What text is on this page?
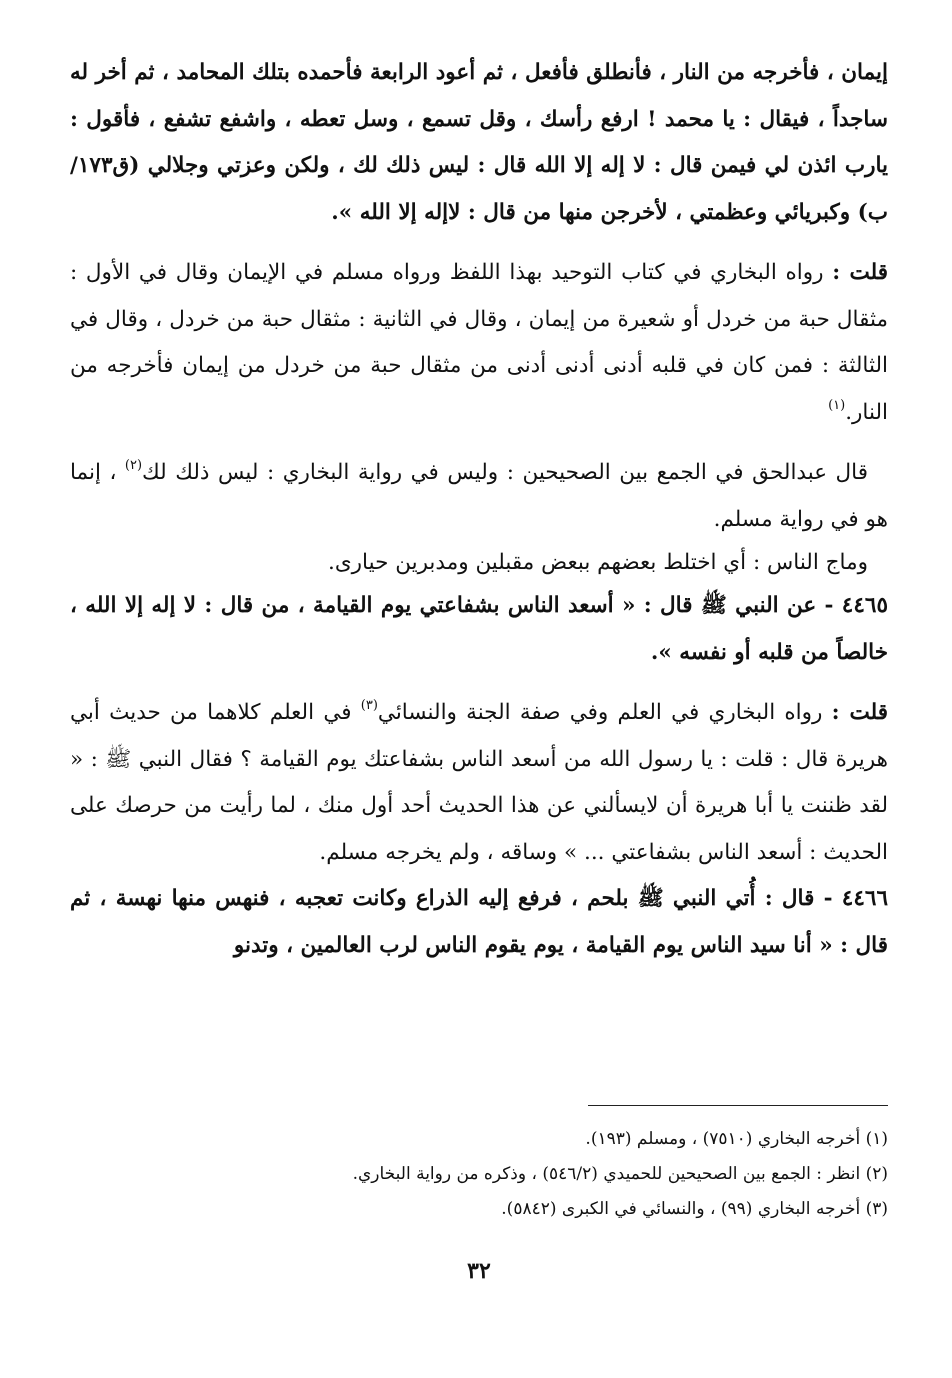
إيمان ، فأخرجه من النار ، فأنطلق فأفعل ، ثم أعود الرابعة فأحمده بتلك المحامد ، ثم أخر له ساجداً ، فيقال : يا محمد ! ارفع رأسك ، وقل تسمع ، وسل تعطه ، واشفع تشفع ، فأقول : يارب ائذن لي فيمن قال : لا إله إلا الله قال : ليس ذلك لك ، ولكن وعزتي وجلالي (ق١٧٣/ب) وكبريائي وعظمتي ، لأخرجن منها من قال : لاإله إلا الله ».

قلت : رواه البخاري في كتاب التوحيد بهذا اللفظ ورواه مسلم في الإيمان وقال في الأول : مثقال حبة من خردل أو شعيرة من إيمان ، وقال في الثانية : مثقال حبة من خردل ، وقال في الثالثة : فمن كان في قلبه أدنى أدنى أدنى من مثقال حبة من خردل من إيمان فأخرجه من النار.$^{(١)}$

قال عبدالحق في الجمع بين الصحيحين : وليس في رواية البخاري : ليس ذلك لك$^{(٢)}$ ، إنما هو في رواية مسلم.

وماج الناس : أي اختلط بعضهم ببعض مقبلين ومدبرين حيارى.

٤٤٦٥ - عن النبي ﷺ قال : « أسعد الناس بشفاعتي يوم القيامة ، من قال : لا إله إلا الله ، خالصاً من قلبه أو نفسه ».

قلت : رواه البخاري في العلم وفي صفة الجنة والنسائي$^{(٣)}$ في العلم كلاهما من حديث أبي هريرة قال : قلت : يا رسول الله من أسعد الناس بشفاعتك يوم القيامة ؟ فقال النبي ﷺ : « لقد ظننت يا أبا هريرة أن لايسألني عن هذا الحديث أحد أول منك ، لما رأيت من حرصك على الحديث : أسعد الناس بشفاعتي ... » وساقه ، ولم يخرجه مسلم.

٤٤٦٦ - قال : أُتي النبي ﷺ بلحم ، فرفع إليه الذراع وكانت تعجبه ، فنهس منها نهسة ، ثم قال : « أنا سيد الناس يوم القيامة ، يوم يقوم الناس لرب العالمين ، وتدنو

(١) أخرجه البخاري (٧٥١٠) ، ومسلم (١٩٣).

(٢) انظر : الجمع بين الصحيحين للحميدي (٥٤٦/٢) ، وذكره من رواية البخاري.

(٣) أخرجه البخاري (٩٩) ، والنسائي في الكبرى (٥٨٤٢).

٣٢
